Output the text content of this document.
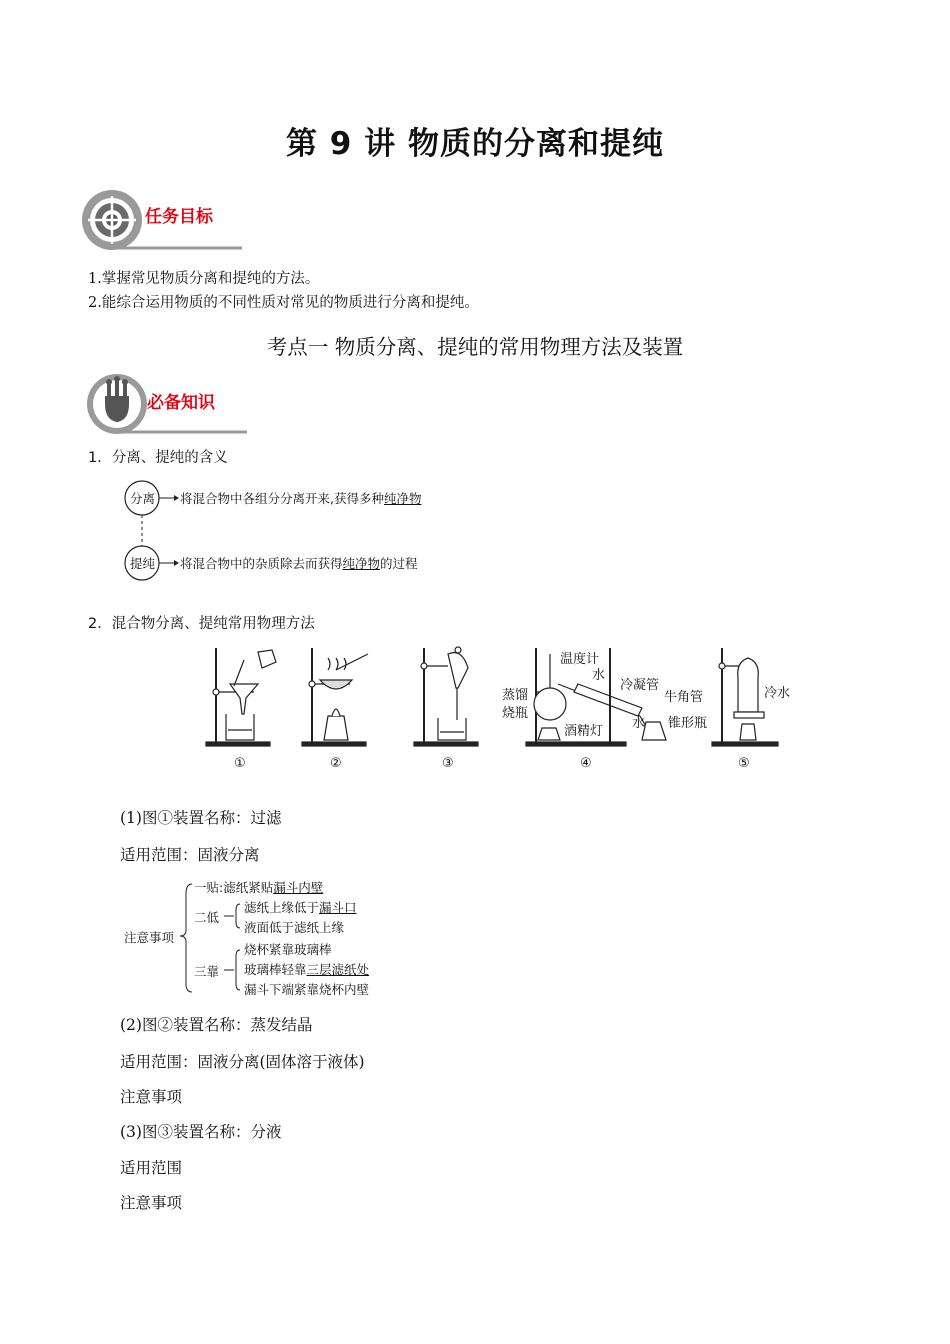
第 9 讲 物质的分离和提纯
任务目标
1.掌握常见物质分离和提纯的方法。
2.能综合运用物质的不同性质对常见的物质进行分离和提纯。
考点一 物质分离、提纯的常用物理方法及装置
必备知识
1．分离、提纯的含义
分离
提纯
将混合物中各组分分离开来,获得多种纯净物
将混合物中的杂质除去而获得纯净物的过程
2．混合物分离、提纯常用物理方法
温度计
水
冷凝管
蒸馏
烧瓶
牛角管
水
酒精灯
锥形瓶
冷水
①	②	③	④	⑤
(1)图①装置名称：过滤
适用范围：固液分离
注意事项
一贴:滤纸紧贴漏斗内壁
二低
滤纸上缘低于漏斗口
液面低于滤纸上缘
三靠
烧杯紧靠玻璃棒
玻璃棒轻靠三层滤纸处
漏斗下端紧靠烧杯内壁
(2)图②装置名称：蒸发结晶
适用范围：固液分离(固体溶于液体)
注意事项
(3)图③装置名称：分液
适用范围
注意事项
